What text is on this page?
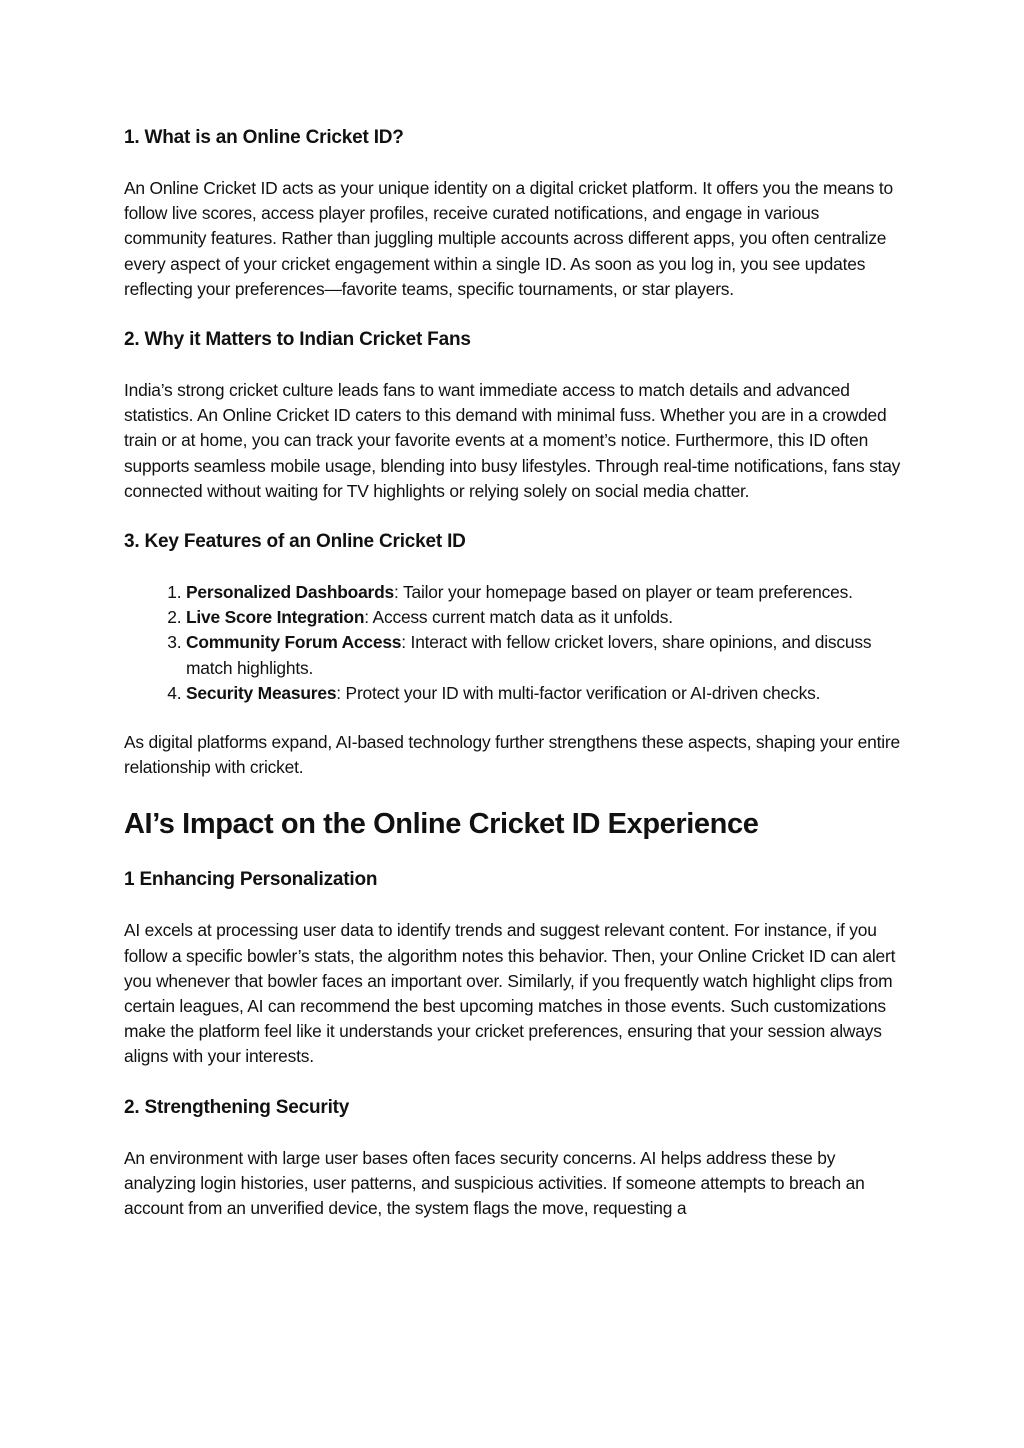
1. What is an Online Cricket ID?

An Online Cricket ID acts as your unique identity on a digital cricket platform. It offers you the means to follow live scores, access player profiles, receive curated notifications, and engage in various community features. Rather than juggling multiple accounts across different apps, you often centralize every aspect of your cricket engagement within a single ID. As soon as you log in, you see updates reflecting your preferences—favorite teams, specific tournaments, or star players.

2. Why it Matters to Indian Cricket Fans

India’s strong cricket culture leads fans to want immediate access to match details and advanced statistics. An Online Cricket ID caters to this demand with minimal fuss. Whether you are in a crowded train or at home, you can track your favorite events at a moment’s notice. Furthermore, this ID often supports seamless mobile usage, blending into busy lifestyles. Through real-time notifications, fans stay connected without waiting for TV highlights or relying solely on social media chatter.

3. Key Features of an Online Cricket ID
1. Personalized Dashboards: Tailor your homepage based on player or team preferences.
2. Live Score Integration: Access current match data as it unfolds.
3. Community Forum Access: Interact with fellow cricket lovers, share opinions, and discuss match highlights.
4. Security Measures: Protect your ID with multi-factor verification or AI-driven checks.

As digital platforms expand, AI-based technology further strengthens these aspects, shaping your entire relationship with cricket.

AI’s Impact on the Online Cricket ID Experience
1 Enhancing Personalization

AI excels at processing user data to identify trends and suggest relevant content. For instance, if you follow a specific bowler’s stats, the algorithm notes this behavior. Then, your Online Cricket ID can alert you whenever that bowler faces an important over. Similarly, if you frequently watch highlight clips from certain leagues, AI can recommend the best upcoming matches in those events. Such customizations make the platform feel like it understands your cricket preferences, ensuring that your session always aligns with your interests.

2. Strengthening Security

An environment with large user bases often faces security concerns. AI helps address these by analyzing login histories, user patterns, and suspicious activities. If someone attempts to breach an account from an unverified device, the system flags the move, requesting a
